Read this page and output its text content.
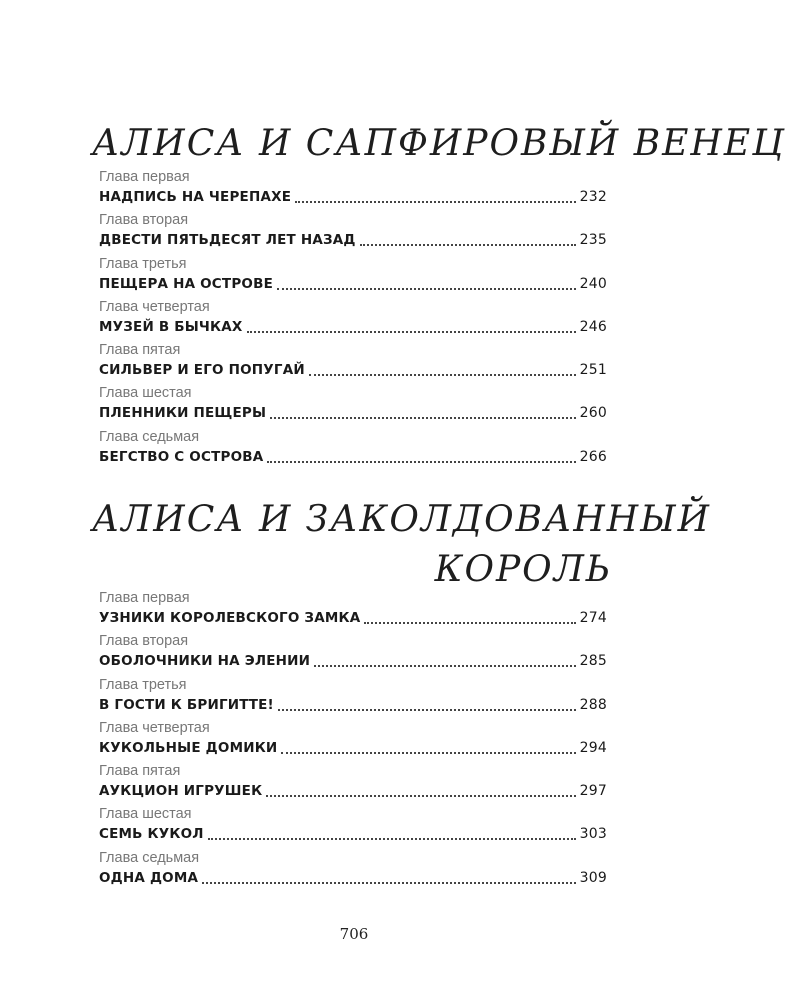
АЛИСА И САПФИРОВЫЙ ВЕНЕЦ
Глава первая
НАДПИСЬ НА ЧЕРЕПАХЕ	232
Глава вторая
ДВЕСТИ ПЯТЬДЕСЯТ ЛЕТ НАЗАД	235
Глава третья
ПЕЩЕРА НА ОСТРОВЕ	240
Глава четвертая
МУЗЕЙ В БЫЧКАХ	246
Глава пятая
СИЛЬВЕР И ЕГО ПОПУГАЙ	251
Глава шестая
ПЛЕННИКИ ПЕЩЕРЫ	260
Глава седьмая
БЕГСТВО С ОСТРОВА	266
АЛИСА И ЗАКОЛДОВАННЫЙ
КОРОЛЬ
Глава первая
УЗНИКИ КОРОЛЕВСКОГО ЗАМКА	274
Глава вторая
ОБОЛОЧНИКИ НА ЭЛЕНИИ	285
Глава третья
В ГОСТИ К БРИГИТТЕ!	288
Глава четвертая
КУКОЛЬНЫЕ ДОМИКИ	294
Глава пятая
АУКЦИОН ИГРУШЕК	297
Глава шестая
СЕМЬ КУКОЛ	303
Глава седьмая
ОДНА ДОМА	309
706
